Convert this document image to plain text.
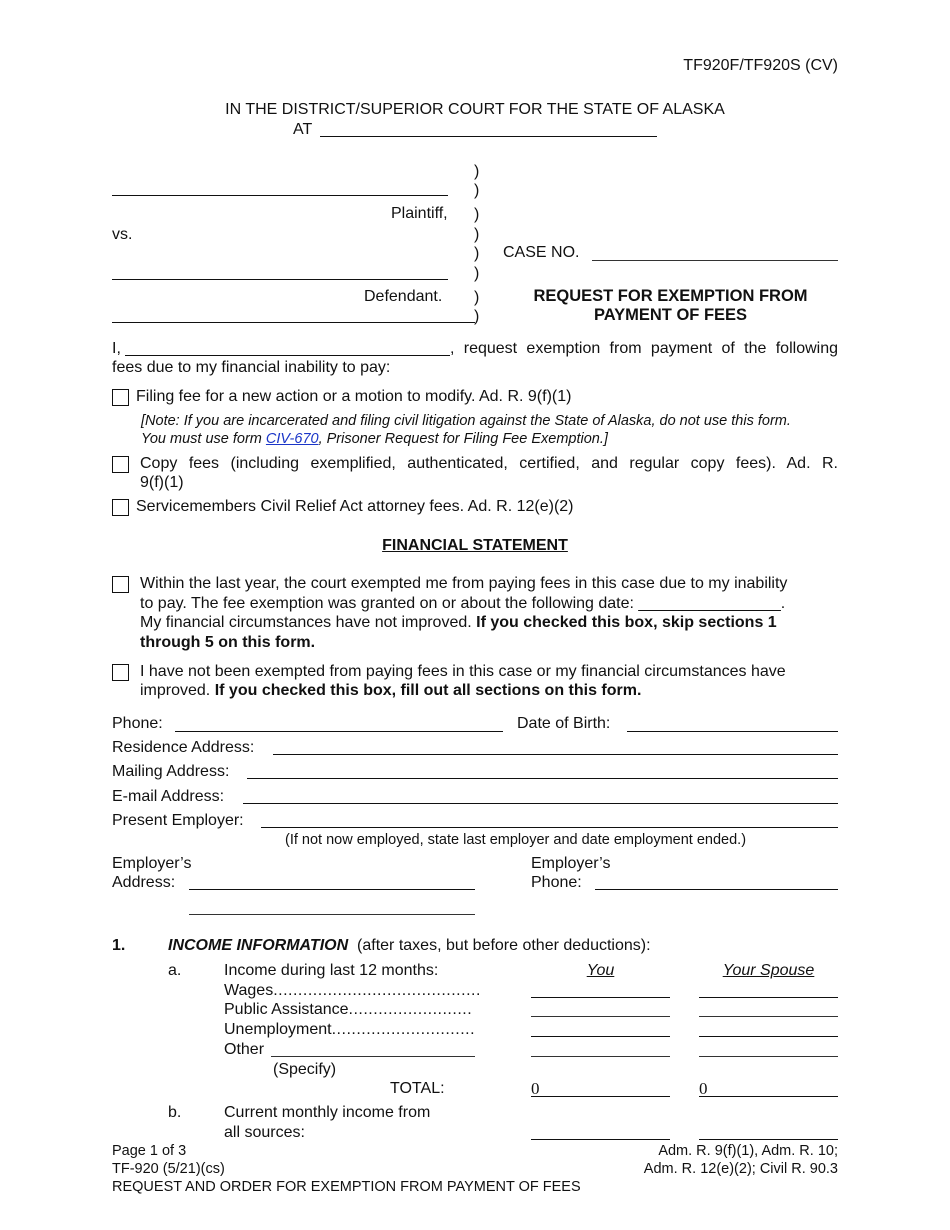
TF920F/TF920S (CV)
IN THE DISTRICT/SUPERIOR COURT FOR THE STATE OF ALASKA
AT
)
)
)
)
)
)
)
)
Plaintiff,
vs.
Defendant.
CASE NO.
REQUEST FOR EXEMPTION FROM
PAYMENT OF FEES
I,	, request exemption from payment of the following
fees due to my financial inability to pay:
Filing fee for a new action or a motion to modify. Ad. R. 9(f)(1)
[Note: If you are incarcerated and filing civil litigation against the State of Alaska, do not use this form.
You must use form CIV-670, Prisoner Request for Filing Fee Exemption.]
Copy fees (including exemplified, authenticated, certified, and regular copy fees). Ad. R.
9(f)(1)
Servicemembers Civil Relief Act attorney fees. Ad. R. 12(e)(2)
FINANCIAL STATEMENT
Within the last year, the court exempted me from paying fees in this case due to my inability
to pay. The fee exemption was granted on or about the following date: ________________.
My financial circumstances have not improved. If you checked this box, skip sections 1
through 5 on this form.
I have not been exempted from paying fees in this case or my financial circumstances have
improved. If you checked this box, fill out all sections on this form.
Phone:	Date of Birth:
Residence Address:
Mailing Address:
E-mail Address:
Present Employer:
(If not now employed, state last employer and date employment ended.)
Employer’s
Address:
Employer’s
Phone:
1.	INCOME INFORMATION (after taxes, but before other deductions):
a.	Income during last 12 months:	You	Your Spouse
Wages..........................................
Public Assistance.........................
Unemployment.............................
Other
(Specify)
TOTAL:	0	0
b.	Current monthly income from
all sources:
Page 1 of 3
TF-920 (5/21)(cs)
REQUEST AND ORDER FOR EXEMPTION FROM PAYMENT OF FEES
Adm. R. 9(f)(1), Adm. R. 10;
Adm. R. 12(e)(2); Civil R. 90.3
